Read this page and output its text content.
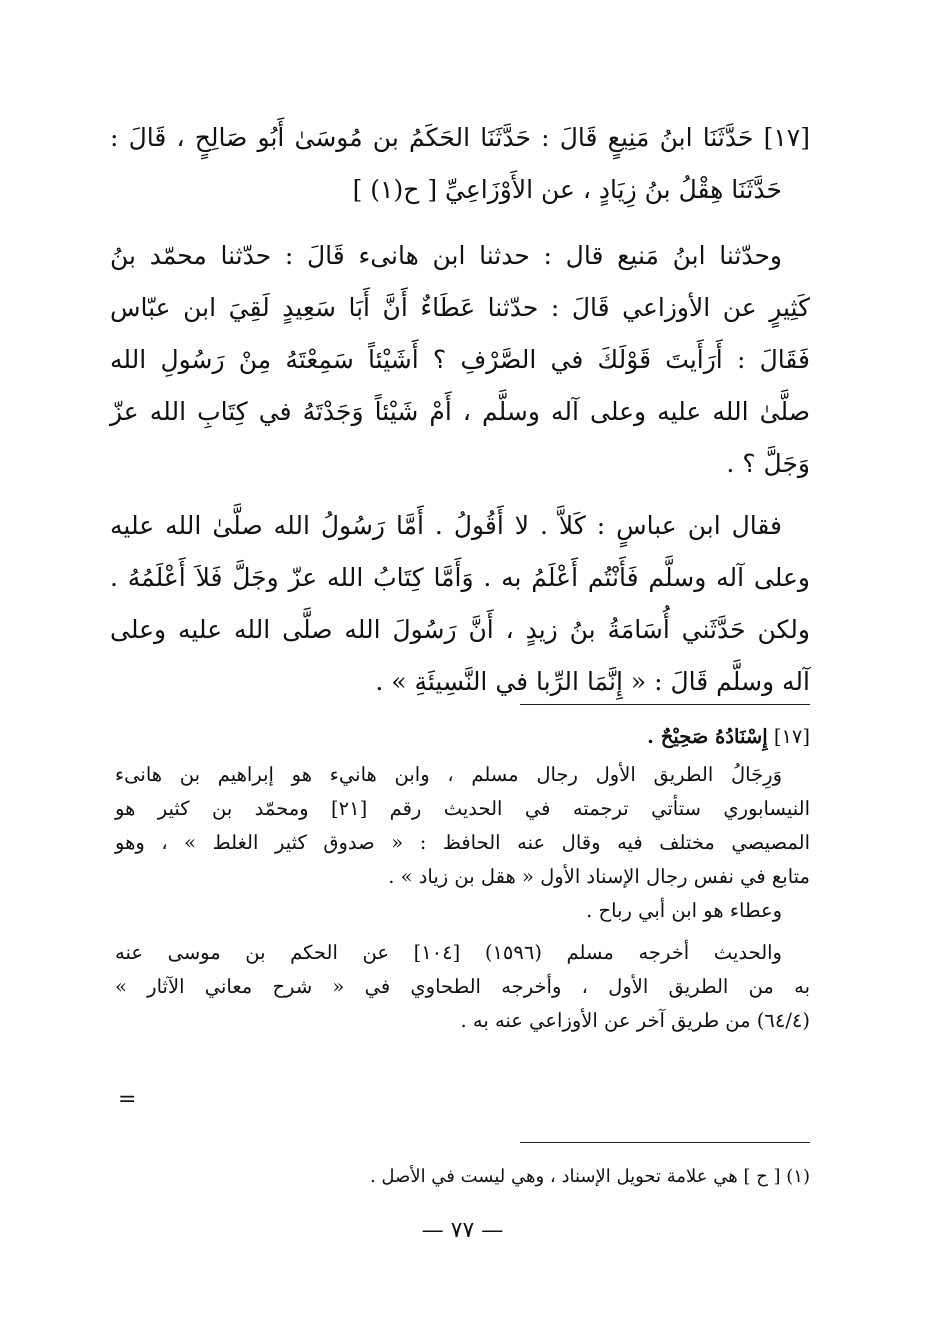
[١٧] حَدَّثَنَا ابنُ مَنِيعٍ قَالَ : حَدَّثَنَا الحَكَمُ بن مُوسَىٰ أَبُو صَالِحٍ ، قَالَ :
حَدَّثَنَا هِقْلُ بنُ زِيَادٍ ، عن الأَوْزَاعِيِّ [ ح(١) ]
وحدّثنا ابنُ مَنيع قال : حدثنا ابن هانىء قَالَ : حدّثنا محمّد بنُ
كَثِيرٍ عن الأوزاعي قَالَ : حدّثنا عَطَاءٌ أَنَّ أَبَا سَعِيدٍ لَقِيَ ابن عبّاس
فَقَالَ : أَرَأَيتَ قَوْلَكَ في الصَّرْفِ ؟ أَشَيْئاً سَمِعْتَهُ مِنْ رَسُولِ الله
صلَّىٰ الله عليه وعلى آله وسلَّم ، أَمْ شَيْئاً وَجَدْتَهُ في كِتَابِ الله عزّ
وَجَلَّ ؟ .
فقال ابن عباسٍ : كَلاَّ . لا أَقُولُ . أَمَّا رَسُولُ الله صلَّىٰ الله عليه
وعلى آله وسلَّم فَأَنْتُم أَعْلَمُ به . وَأَمَّا كِتَابُ الله عزّ وجَلَّ فَلاَ أَعْلَمُهُ .
ولكن حَدَّثَني أُسَامَةُ بنُ زيدٍ ، أَنَّ رَسُولَ الله صلَّى الله عليه وعلى
آله وسلَّم قَالَ : « إِنَّمَا الرِّبا في النَّسِيئَةِ » .
[١٧] إِسْنَادُهُ صَحِيْحٌ .
وَرِجَالُ الطريق الأول رجال مسلم ، وابن هانيء هو إبراهيم بن هانىء
النيسابوري ستأتي ترجمته في الحديث رقم [٢١] ومحمّد بن كثير هو
المصيصي مختلف فيه وقال عنه الحافظ : « صدوق كثير الغلط » ، وهو
متابع في نفس رجال الإسناد الأول « هقل بن زياد » .
وعطاء هو ابن أبي رباح .
والحديث أخرجه مسلم (١٥٩٦) [١٠٤] عن الحكم بن موسى عنه
به من الطريق الأول ، وأخرجه الطحاوي في « شرح معاني الآثار »
(٦٤/٤) من طريق آخر عن الأوزاعي عنه به .
=
(١) [ ح ] هي علامة تحويل الإسناد ، وهي ليست في الأصل .
— ٧٧ —
